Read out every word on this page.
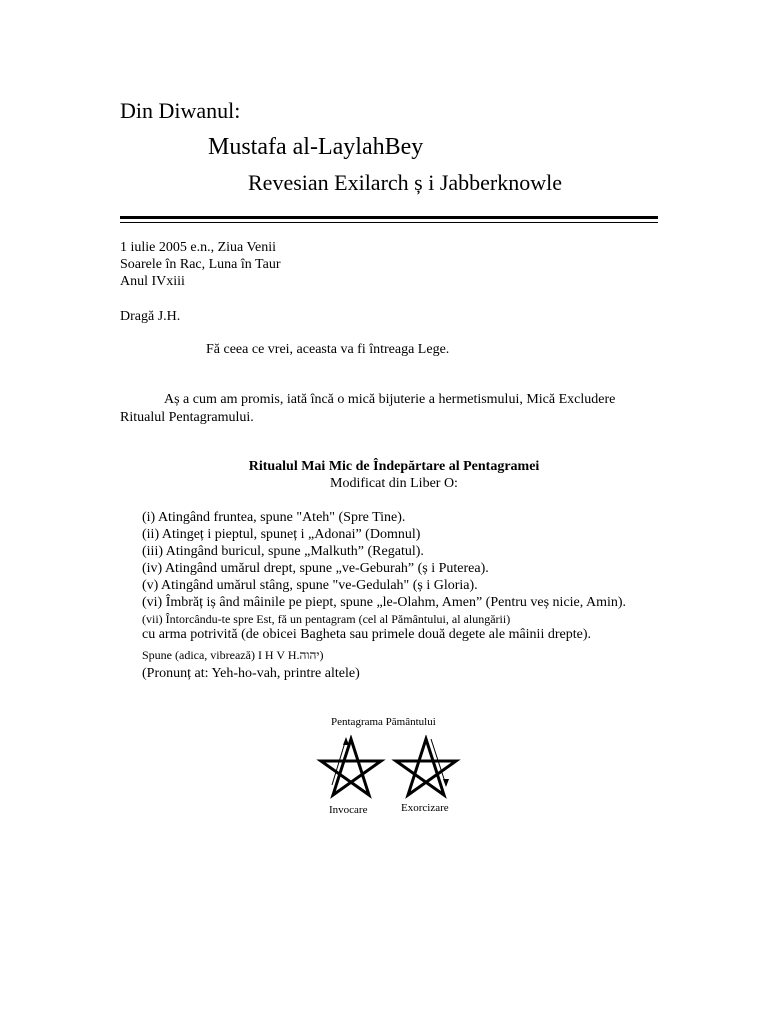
Din Diwanul:
Mustafa al-LaylahBey
Revesian Exilarch ș i Jabberknowle
1 iulie 2005 e.n., Ziua Venii
Soarele în Rac, Luna în Taur
Anul IVxiii
Dragă J.H.
Fă ceea ce vrei, aceasta va fi întreaga Lege.
Aș a cum am promis, iată încă o mică bijuterie a hermetismului, Mică Excludere
Ritualul Pentagramului.
Ritualul Mai Mic de Îndepărtare al Pentagramei
Modificat din Liber O:
(i) Atingând fruntea, spune "Ateh" (Spre Tine).
(ii) Atingeț i pieptul, spuneț i „Adonai” (Domnul)
(iii) Atingând buricul, spune „Malkuth” (Regatul).
(iv) Atingând umărul drept, spune „ve-Geburah” (ș i Puterea).
(v) Atingând umărul stâng, spune "ve-Gedulah" (ș i Gloria).
(vi) Îmbrăț iș ând mâinile pe piept, spune „le-Olahm, Amen” (Pentru veș nicie, Amin).
(vii) Întorcându-te spre Est, fă un pentagram (cel al Pământului, al alungării)
cu arma potrivită (de obicei Bagheta sau primele două degete ale mâinii drepte).
Spune (adica, vibrează) I H V H.יהוה)
(Pronunț at: Yeh-ho-vah, printre altele)
Pentagrama Pământului
Invocare	Exorcizare
